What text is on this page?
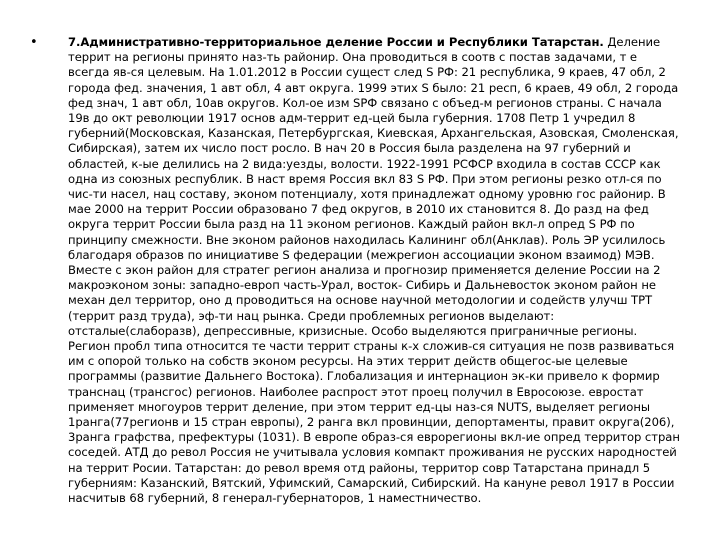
•	7.Административно-территориальное деление России и Республики Татарстан. Деление террит на регионы принято наз-ть районир. Она проводиться в соотв с постав задачами, т е всегда яв-ся целевым. На 1.01.2012 в России сущест след S РФ: 21 республика, 9 краев, 47 обл, 2 города фед. значения, 1 авт обл, 4 авт округа. 1999 этих S было: 21 респ, 6 краев, 49 обл, 2 города фед знач, 1 авт обл, 10ав округов. Кол-ое изм SРФ связано с объед-м регионов страны. С начала 19в до окт революции 1917 основ адм-террит ед-цей была губерния. 1708 Петр 1 учредил 8 губерний(Московская, Казанская, Петербургская, Киевская, Архангельская, Азовская, Смоленская, Сибирская), затем их число пост росло. В нач 20 в Россия была разделена на 97 губерний и областей, к-ые делились на 2 вида:уезды, волости. 1922-1991 РСФСР входила в состав СССР как одна из союзных республик. В наст время Россия вкл 83 S РФ. При этом регионы резко отл-ся по чис-ти насел, нац составу, эконом потенциалу, хотя принадлежат одному уровню гос районир. В мае 2000 на террит России образовано 7 фед округов, в 2010 их становится 8. До разд на фед округа террит России была разд на 11 эконом регионов. Каждый район вкл-л опред S РФ по принципу смежности. Вне эконом районов находилась Калининг обл(Анклав). Роль ЭР усилилось благодаря образов по инициативе S федерации (межрегион ассоциации эконом взаимод) МЭВ. Вместе с экон район для стратег регион анализа и прогнозир применяется деление России на 2 макроэконом зоны: западно-европ часть-Урал, восток- Сибирь и Дальневосток эконом район не механ дел территор, оно д проводиться на основе научной методологии и содейств улучш ТРТ (террит разд труда), эф-ти нац рынка. Среди проблемных регионов выделают: отсталые(слаборазв), депрессивные, кризисные. Особо выделяются приграничные регионы. Регион пробл типа относится те части террит страны к-х сложив-ся ситуация не позв развиваться им с опорой только на собств эконом ресурсы. На этих террит действ общегос-ые целевые программы (развитие Дальнего Востока). Глобализация и интернацион эк-ки привело к формир транснац (трансгос) регионов. Наиболее распрост этот проец получил в Евросоюзе. евростат применяет многоуров террит деление, при этом террит ед-цы наз-ся NUTS, выделяет регионы 1ранга(77регионв и 15 стран европы), 2 ранга вкл провинции, депортаменты, правит округа(206), 3ранга графства, префектуры (1031). В европе образ-ся еврорегионы вкл-ие опред территор стран соседей. АТД до револ Россия не учитывала условия компакт проживания не русских народностей на террит Росии. Татарстан: до револ время отд районы, территор совр Татарстана принадл 5 губерниям: Казанский, Вятский, Уфимский, Самарский, Сибирский. На кануне револ 1917 в России насчитыв 68 губерний, 8 генерал-губернаторов, 1 наместничество.
